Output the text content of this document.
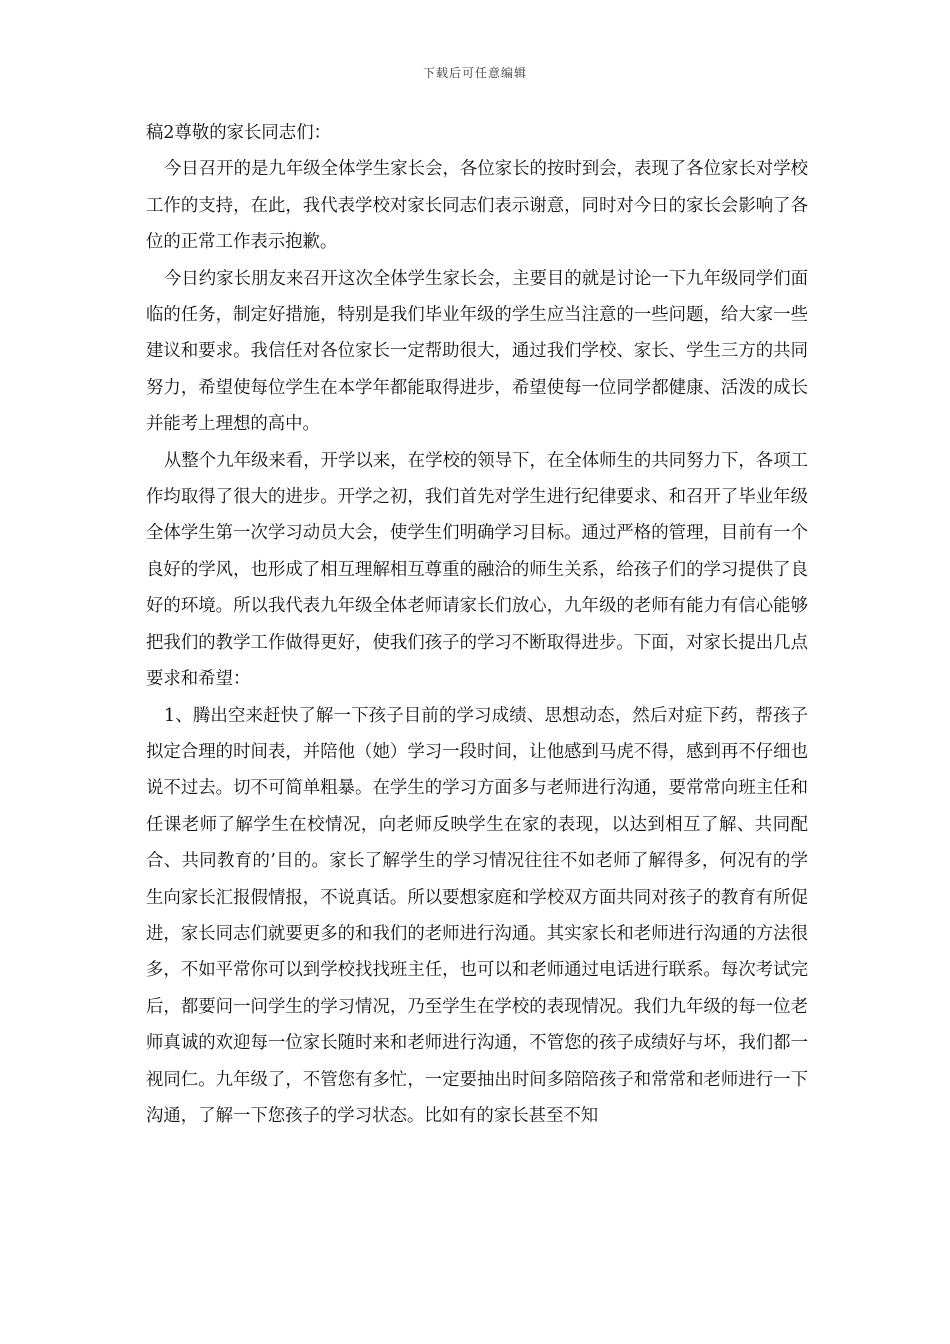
下载后可任意编辑

稿2尊敬的家长同志们：

今日召开的是九年级全体学生家长会，各位家长的按时到会，表现了各位家长对学校工作的支持，在此，我代表学校对家长同志们表示谢意，同时对今日的家长会影响了各位的正常工作表示抱歉。

今日约家长朋友来召开这次全体学生家长会，主要目的就是讨论一下九年级同学们面临的任务，制定好措施，特别是我们毕业年级的学生应当注意的一些问题，给大家一些建议和要求。我信任对各位家长一定帮助很大，通过我们学校、家长、学生三方的共同努力，希望使每位学生在本学年都能取得进步，希望使每一位同学都健康、活泼的成长并能考上理想的高中。

从整个九年级来看，开学以来，在学校的领导下，在全体师生的共同努力下，各项工作均取得了很大的进步。开学之初，我们首先对学生进行纪律要求、和召开了毕业年级全体学生第一次学习动员大会，使学生们明确学习目标。通过严格的管理，目前有一个良好的学风，也形成了相互理解相互尊重的融洽的师生关系，给孩子们的学习提供了良好的环境。所以我代表九年级全体老师请家长们放心，九年级的老师有能力有信心能够把我们的教学工作做得更好，使我们孩子的学习不断取得进步。下面，对家长提出几点要求和希望：

1、腾出空来赶快了解一下孩子目前的学习成绩、思想动态，然后对症下药，帮孩子拟定合理的时间表，并陪他（她）学习一段时间，让他感到马虎不得，感到再不仔细也说不过去。切不可简单粗暴。在学生的学习方面多与老师进行沟通，要常常向班主任和任课老师了解学生在校情况，向老师反映学生在家的表现，以达到相互了解、共同配合、共同教育的’目的。家长了解学生的学习情况往往不如老师了解得多，何况有的学生向家长汇报假情报，不说真话。所以要想家庭和学校双方面共同对孩子的教育有所促进，家长同志们就要更多的和我们的老师进行沟通。其实家长和老师进行沟通的方法很多，不如平常你可以到学校找找班主任，也可以和老师通过电话进行联系。每次考试完后，都要问一问学生的学习情况，乃至学生在学校的表现情况。我们九年级的每一位老师真诚的欢迎每一位家长随时来和老师进行沟通，不管您的孩子成绩好与坏，我们都一视同仁。九年级了，不管您有多忙，一定要抽出时间多陪陪孩子和常常和老师进行一下沟通，了解一下您孩子的学习状态。比如有的家长甚至不知
